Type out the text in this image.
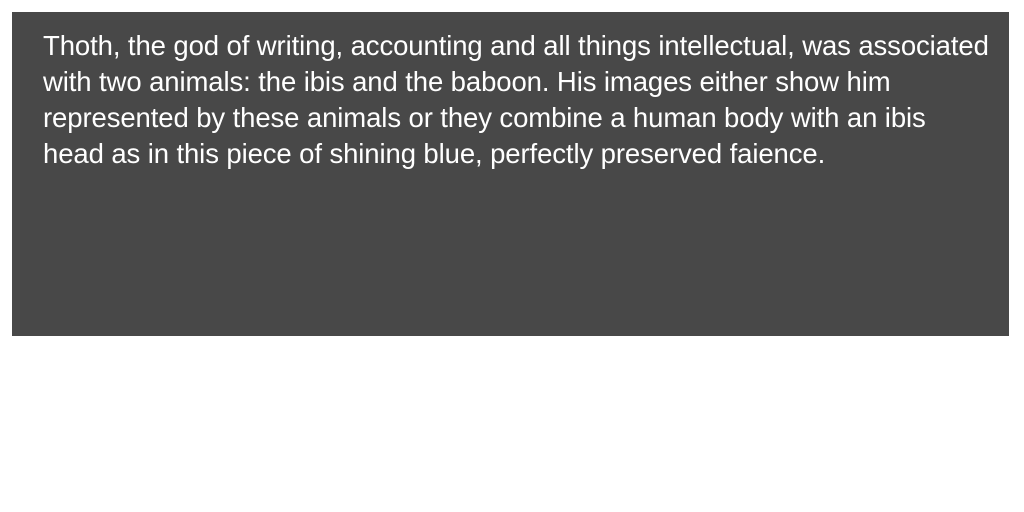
Thoth, the god of writing, accounting and all things intellectual, was associated with two animals: the ibis and the baboon. His images either show him represented by these animals or they combine a human body with an ibis head as in this piece of shining blue, perfectly preserved faience.
